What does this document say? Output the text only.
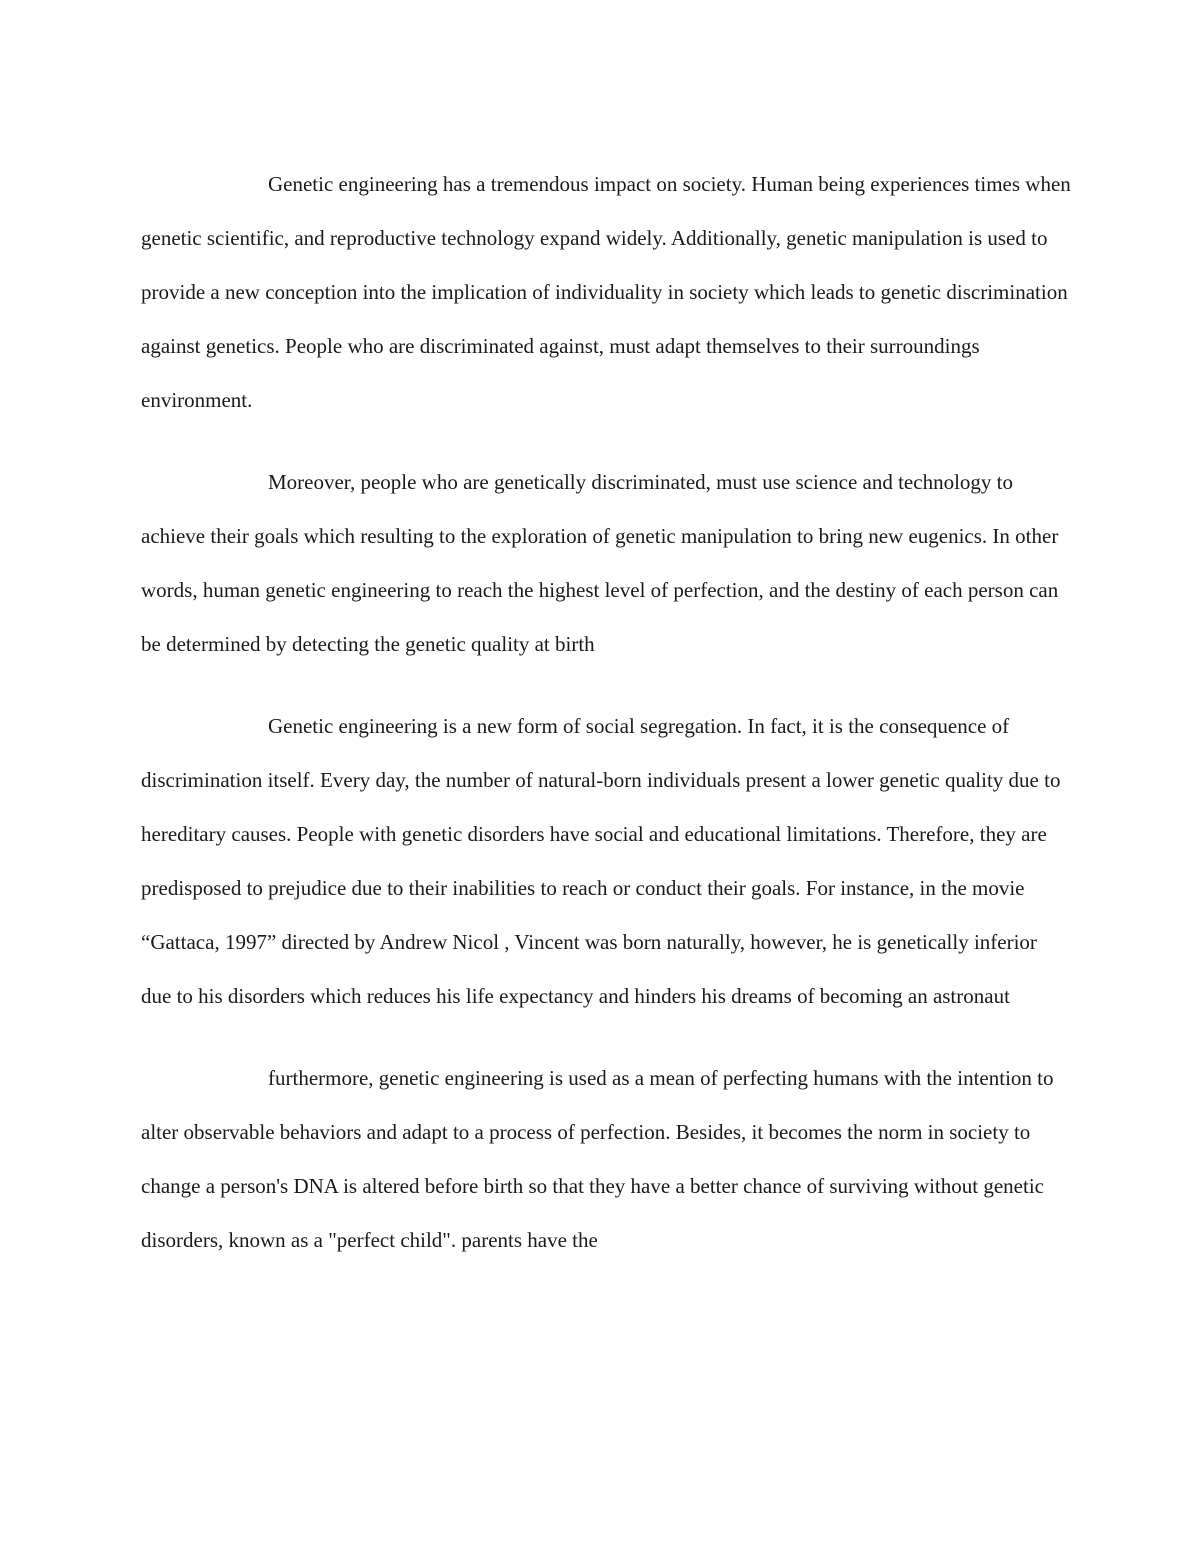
Genetic engineering has a tremendous impact on society. Human being experiences times when genetic scientific, and reproductive technology expand widely. Additionally, genetic manipulation is used to provide a new conception into the implication of individuality in society which leads to genetic discrimination against genetics. People who are discriminated against, must adapt themselves to their surroundings environment.

Moreover, people who are genetically discriminated, must use science and technology to achieve their goals which resulting to the exploration of genetic manipulation to bring new eugenics. In other words, human genetic engineering to reach the highest level of perfection, and the destiny of each person can be determined by detecting the genetic quality at birth

Genetic engineering is a new form of social segregation. In fact, it is the consequence of discrimination itself. Every day, the number of natural-born individuals present a lower genetic quality due to hereditary causes. People with genetic disorders have social and educational limitations. Therefore, they are predisposed to prejudice due to their inabilities to reach or conduct their goals. For instance, in the movie “Gattaca, 1997” directed by Andrew Nicol , Vincent was born naturally, however, he is genetically inferior due to his disorders which reduces his life expectancy and hinders his dreams of becoming an astronaut

furthermore, genetic engineering is used as a mean of perfecting humans with the intention to alter observable behaviors and adapt to a process of perfection. Besides, it becomes the norm in society to change a person's DNA is altered before birth so that they have a better chance of surviving without genetic disorders, known as a "perfect child". parents have the
